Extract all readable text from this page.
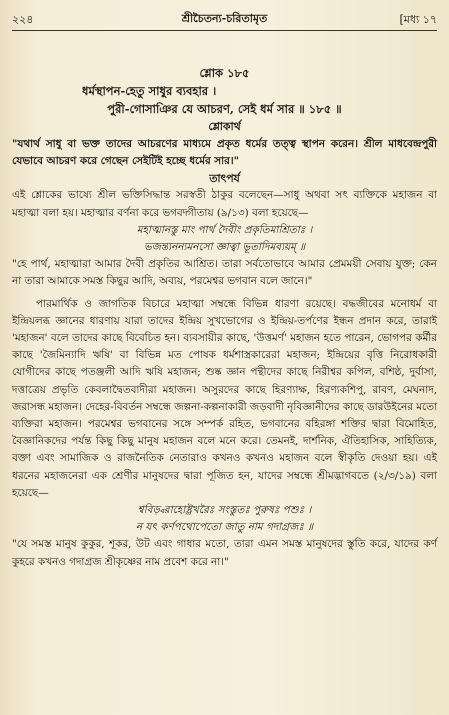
২২৪	শ্রীচৈতন্য-চরিতামৃত	[মধ্য ১৭
শ্লোক ১৮৫
ধর্মস্থাপন-হেতু সাধুর ব্যবহার ।
পুরী-গোসাঞির যে আচরণ, সেই ধর্ম সার ॥ ১৮৫ ॥
শ্লোকার্থ
"যথার্থ সাধু বা ভক্ত তাদের আচরণের মাধ্যমে প্রকৃত ধর্মের তত্ত্ব স্থাপন করেন। শ্রীল মাধবেন্দ্রপুরী যেভাবে আচরণ করে গেছেন সেইটিই হচ্ছে ধর্মের সার।"
তাৎপর্য
এই শ্লোকের ভাষ্যে শ্রীল ভক্তিসিদ্ধান্ত সরস্বতী ঠাকুর বলেছেন—সাধু অথবা সৎ ব্যক্তিকে মহাজন বা মহাত্মা বলা হয়। মহাত্মার বর্ণনা করে ভগবদ্গীতায় (৯/১৩) বলা হয়েছে—
মহাত্মানস্তু মাং পার্থ দৈবীং প্রকৃতিমাশ্রিতাঃ ।
ভজন্ত্যনন্যমনসো জ্ঞাত্বা ভূতাদিমব্যয়ম্ ॥
"হে পার্থ, মহাত্মারা আমার দৈবী প্রকৃতির আশ্রিত। তারা সর্বতোভাবে আমার প্রেমময়ী সেবায় যুক্ত; কেন না তারা আমাকে সমস্ত কিছুর আদি, অব্যয়, পরমেশ্বর ভগবান বলে জানে।"
পারমার্থিক ও জাগতিক বিচারে মহাত্মা সম্বন্ধে বিভিন্ন ধারণা রয়েছে। বদ্ধজীবের মনোধর্ম বা ইন্দ্রিয়লব্ধ জ্ঞানের ধারণায় যারা তাদের ইন্দ্রিয় সুখভোগের ও ইন্দ্রিয়-তর্পণের ইন্ধন প্রদান করে, তারাই 'মহাজন' বলে তাদের কাছে বিবেচিত হন। ব্যবসায়ীর কাছে, 'উত্তমর্ণ' মহাজন হতে পারেন, ভোগপর কর্মীর কাছে 'জৈমিন্যাদি ঋষি' বা বিভিন্ন মত পোষক ধর্মশাস্ত্রকারেরা মহাজন; ইন্দ্রিয়ের বৃত্তি নিরোধকারী যোগীদের কাছে পতঞ্জলী আদি ঋষি মহাজন; শুষ্ক জ্ঞান পন্থীদের কাছে নিরীশ্বর কপিল, বশিষ্ঠ, দুর্বাসা, দত্তাত্রেয় প্রভৃতি কেবলাদ্বৈতবাদীরা মহাজন। অসুরদের কাছে হিরণ্যাক্ষ, হিরণ্যকশিপু, রাবণ, মেঘনাদ, জরাসন্ধ মহাজন। দেহের-বিবর্তন সম্বন্ধে জল্পনা-কল্পনাকারী জড়বাদী নৃবিজ্ঞানীদের কাছে ডারউইনের মতো ব্যক্তিরা মহাজন। পরমেশ্বর ভগবানের সঙ্গে সম্পর্ক রহিত, ভগবানের বহিরঙ্গা শক্তির দ্বারা বিমোহিত, বৈজ্ঞানিকদের পর্যন্ত কিছু কিছু মানুষ মহাজন বলে মনে করে। তেমনই, দার্শনিক, ঐতিহাসিক, সাহিত্যিক, বক্তা এবং সামাজিক ও রাজনৈতিক নেতারাও কখনও কখনও মহাজন বলে স্বীকৃতি দেওয়া হয়। এই ধরনের মহাজনেরা এক শ্রেণীর মানুষদের দ্বারা পূজিত হন, যাদের সম্বন্ধে শ্রীমদ্ভাগবতে (২/৩/১৯) বলা হয়েছে—
শ্ববিড়্বরাহোষ্ট্রখরৈঃ সংস্তুতঃ পুরুষঃ পশুঃ ।
ন যৎ কর্ণপথোপেতো জাতু নাম গদাগ্রজঃ ॥
"যে সমস্ত মানুষ কুকুর, শূকর, উট এবং গাধার মতো, তারা এমন সমস্ত মানুষদের স্তুতি করে, যাদের কর্ণ কুহরে কখনও গদাগ্রজ শ্রীকৃষ্ণের নাম প্রবেশ করে না।"
